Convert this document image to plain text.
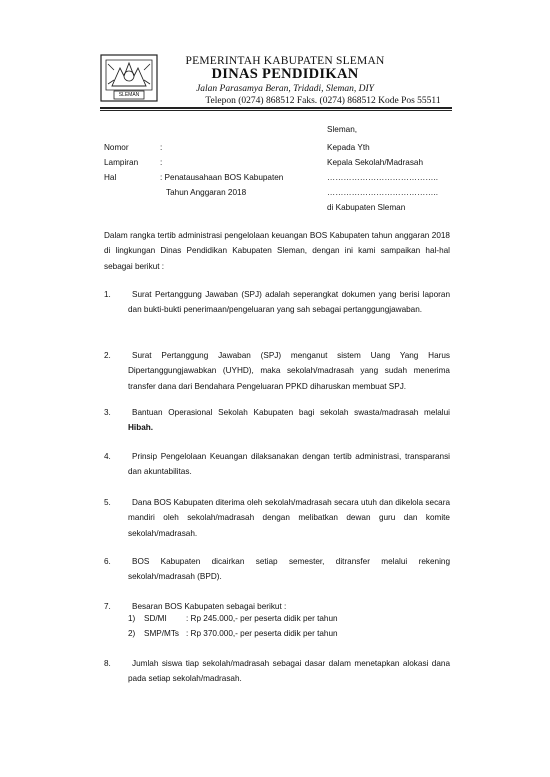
SLEMAN
PEMERINTAH KABUPATEN SLEMAN
DINAS PENDIDIKAN
Jalan Parasamya Beran, Tridadi, Sleman, DIY
Telepon (0274) 868512 Faks. (0274) 868512 Kode Pos 55511
Sleman,
Nomor	:
Lampiran	:
Hal	: Penatausahaan BOS Kabupaten
Tahun Anggaran 2018
Kepada Yth
Kepala Sekolah/Madrasah
…………………………………..
…………………………………..
di Kabupaten Sleman
Dalam rangka tertib administrasi pengelolaan keuangan BOS Kabupaten tahun anggaran 2018 di lingkungan Dinas Pendidikan Kabupaten Sleman, dengan ini kami sampaikan hal-hal sebagai berikut :
1.	Surat Pertanggung Jawaban (SPJ) adalah seperangkat dokumen yang berisi laporan dan bukti-bukti penerimaan/pengeluaran yang sah sebagai pertanggungjawaban.
2.	Surat Pertanggung Jawaban (SPJ) menganut sistem Uang Yang Harus Dipertanggungjawabkan (UYHD), maka sekolah/madrasah yang sudah menerima transfer dana dari Bendahara Pengeluaran PPKD diharuskan membuat SPJ.
3.	Bantuan Operasional Sekolah Kabupaten bagi sekolah swasta/madrasah melalui Hibah.
4.	Prinsip Pengelolaan Keuangan dilaksanakan dengan tertib administrasi, transparansi dan akuntabilitas.
5.	Dana BOS Kabupaten diterima oleh sekolah/madrasah secara utuh dan dikelola secara mandiri oleh sekolah/madrasah dengan melibatkan dewan guru dan komite sekolah/madrasah.
6.	BOS Kabupaten dicairkan setiap semester, ditransfer melalui rekening sekolah/madrasah (BPD).
7.	Besaran BOS Kabupaten sebagai berikut :
1) SD/MI : Rp 245.000,- per peserta didik per tahun
2) SMP/MTs : Rp 370.000,- per peserta didik per tahun
8.	Jumlah siswa tiap sekolah/madrasah sebagai dasar dalam menetapkan alokasi dana pada setiap sekolah/madrasah.
